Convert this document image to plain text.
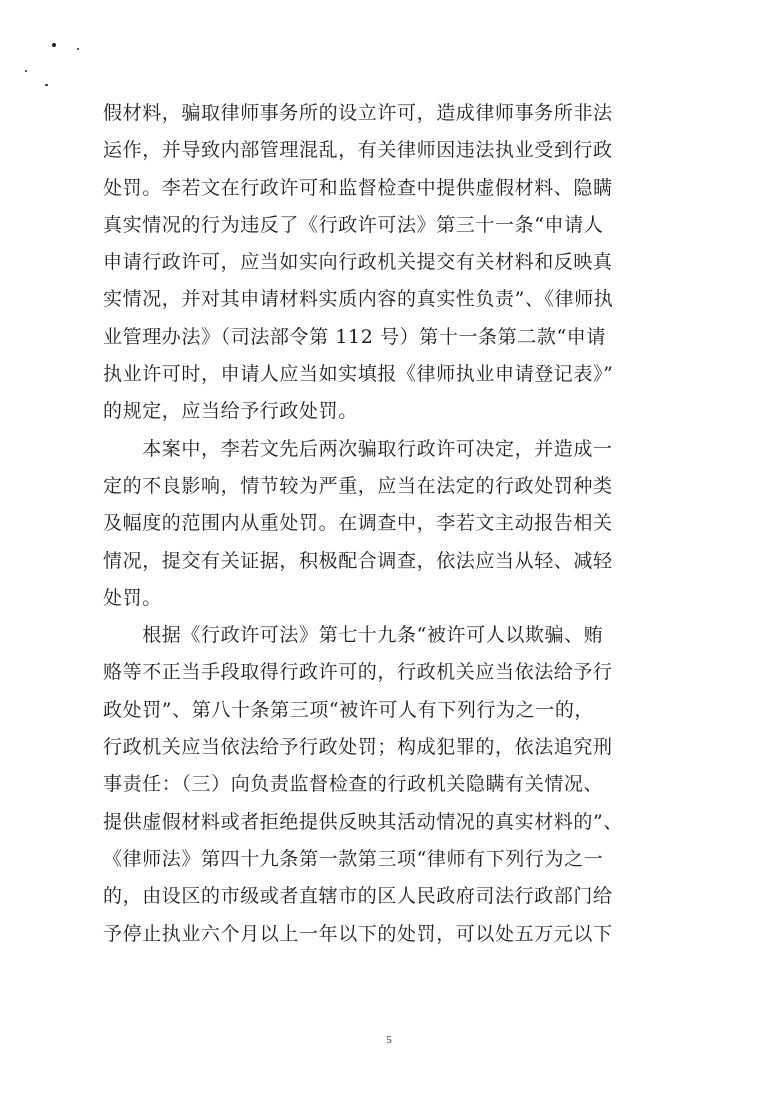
假材料，骗取律师事务所的设立许可，造成律师事务所非法

运作，并导致内部管理混乱，有关律师因违法执业受到行政

处罚。李若文在行政许可和监督检查中提供虚假材料、隐瞒

真实情况的行为违反了《行政许可法》第三十一条“申请人

申请行政许可，应当如实向行政机关提交有关材料和反映真

实情况，并对其申请材料实质内容的真实性负责”、《律师执

业管理办法》（司法部令第 112 号）第十一条第二款“申请

执业许可时，申请人应当如实填报《律师执业申请登记表》”

的规定，应当给予行政处罚。

　　本案中，李若文先后两次骗取行政许可决定，并造成一

定的不良影响，情节较为严重，应当在法定的行政处罚种类

及幅度的范围内从重处罚。在调查中，李若文主动报告相关

情况，提交有关证据，积极配合调查，依法应当从轻、减轻

处罚。

　　根据《行政许可法》第七十九条“被许可人以欺骗、贿

赂等不正当手段取得行政许可的，行政机关应当依法给予行

政处罚”、第八十条第三项“被许可人有下列行为之一的，

行政机关应当依法给予行政处罚；构成犯罪的，依法追究刑

事责任：（三）向负责监督检查的行政机关隐瞒有关情况、

提供虚假材料或者拒绝提供反映其活动情况的真实材料的”、

《律师法》第四十九条第一款第三项“律师有下列行为之一

的，由设区的市级或者直辖市的区人民政府司法行政部门给

予停止执业六个月以上一年以下的处罚，可以处五万元以下

5
